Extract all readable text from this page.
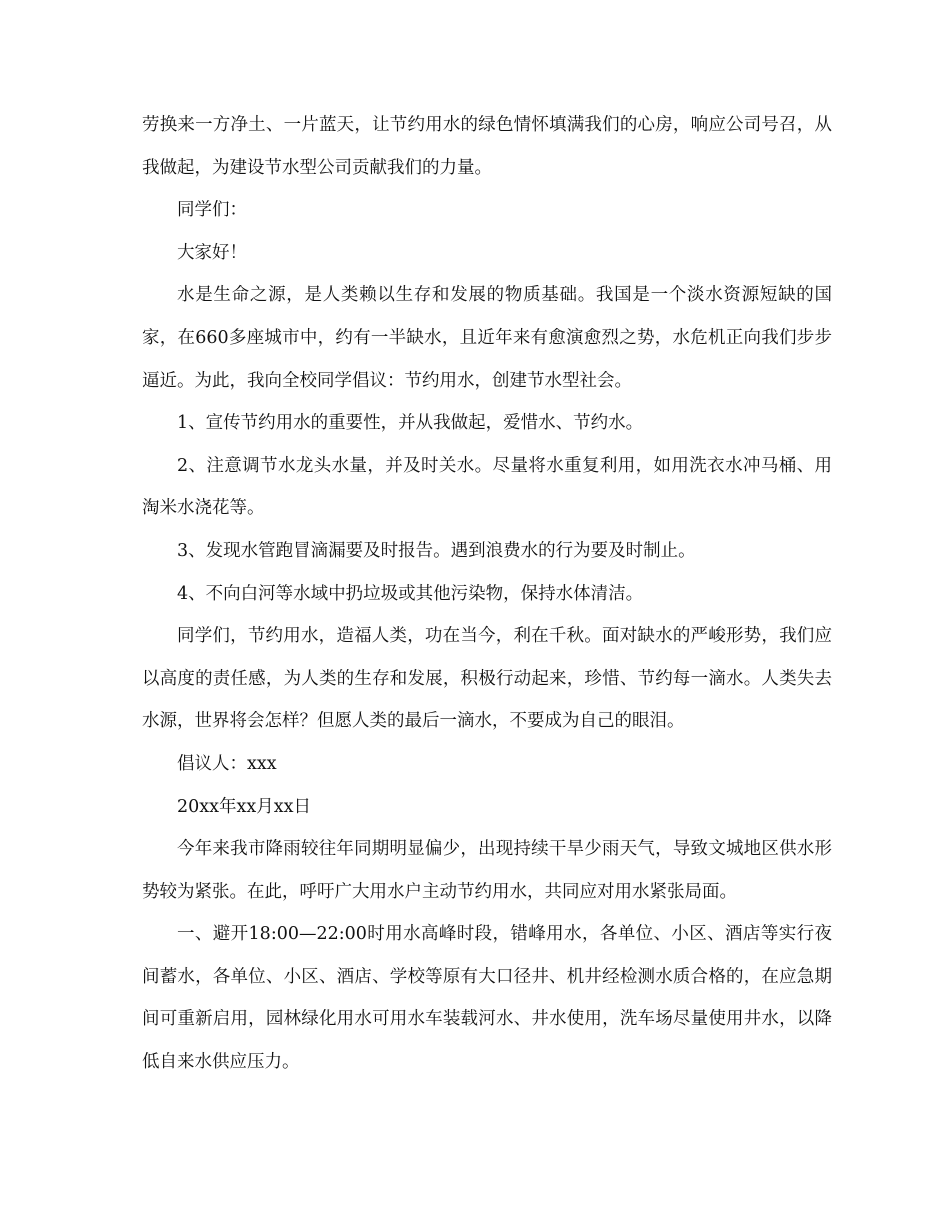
劳换来一方净土、一片蓝天，让节约用水的绿色情怀填满我们的心房，响应公司号召，从我做起，为建设节水型公司贡献我们的力量。

同学们：

大家好！

水是生命之源，是人类赖以生存和发展的物质基础。我国是一个淡水资源短缺的国家，在660多座城市中，约有一半缺水，且近年来有愈演愈烈之势，水危机正向我们步步逼近。为此，我向全校同学倡议：节约用水，创建节水型社会。

1、宣传节约用水的重要性，并从我做起，爱惜水、节约水。

2、注意调节水龙头水量，并及时关水。尽量将水重复利用，如用洗衣水冲马桶、用淘米水浇花等。

3、发现水管跑冒滴漏要及时报告。遇到浪费水的行为要及时制止。

4、不向白河等水域中扔垃圾或其他污染物，保持水体清洁。

同学们，节约用水，造福人类，功在当今，利在千秋。面对缺水的严峻形势，我们应以高度的责任感，为人类的生存和发展，积极行动起来，珍惜、节约每一滴水。人类失去水源，世界将会怎样？但愿人类的最后一滴水，不要成为自己的眼泪。

倡议人：xxx

20xx年xx月xx日

今年来我市降雨较往年同期明显偏少，出现持续干旱少雨天气，导致文城地区供水形势较为紧张。在此，呼吁广大用水户主动节约用水，共同应对用水紧张局面。

一、避开18:00—22:00时用水高峰时段，错峰用水，各单位、小区、酒店等实行夜间蓄水，各单位、小区、酒店、学校等原有大口径井、机井经检测水质合格的，在应急期间可重新启用，园林绿化用水可用水车装载河水、井水使用，洗车场尽量使用井水，以降低自来水供应压力。
